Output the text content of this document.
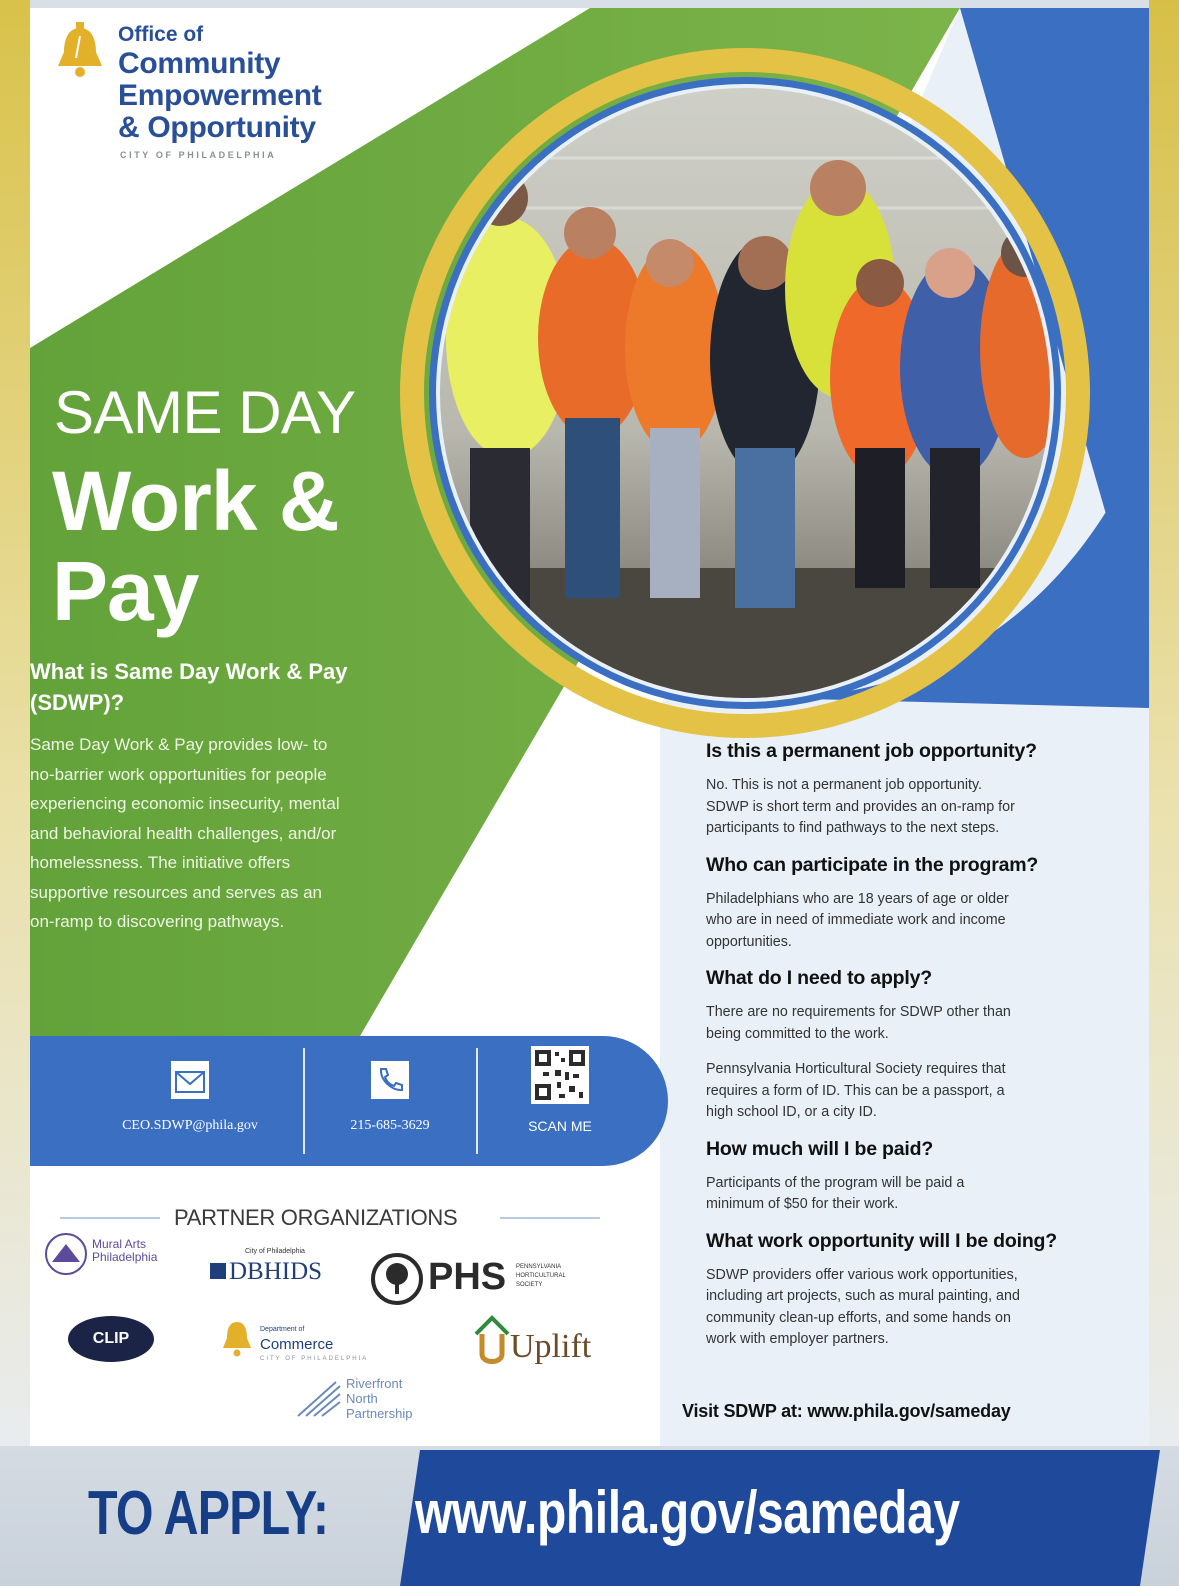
Office of
Community
Empowerment
& Opportunity
CITY OF PHILADELPHIA
SAME DAY
Work &
Pay
What is Same Day Work & Pay
(SDWP)?
Same Day Work & Pay provides low- to
no-barrier work opportunities for people
experiencing economic insecurity, mental
and behavioral health challenges, and/or
homelessness. The initiative offers
supportive resources and serves as an
on-ramp to discovering pathways.
CEO.SDWP@phila.gov	215-685-3629	SCAN ME
PARTNER ORGANIZATIONS
Mural Arts
Philadelphia	City of Philadelphia
DBHIDS	PHS PENNSYLVANIA
HORTICULTURAL
SOCIETY
CLIP
Department of
Commerce
CITY OF PHILADELPHIA	Uplift
Riverfront
North
Partnership
Is this a permanent job opportunity?
No. This is not a permanent job opportunity.
SDWP is short term and provides an on-ramp for
participants to find pathways to the next steps.
Who can participate in the program?
Philadelphians who are 18 years of age or older
who are in need of immediate work and income
opportunities.
What do I need to apply?
There are no requirements for SDWP other than
being committed to the work.
Pennsylvania Horticultural Society requires that
requires a form of ID. This can be a passport, a
high school ID, or a city ID.
How much will I be paid?
Participants of the program will be paid a
minimum of $50 for their work.
What work opportunity will I be doing?
SDWP providers offer various work opportunities,
including art projects, such as mural painting, and
community clean-up efforts, and some hands on
work with employer partners.
Visit SDWP at: www.phila.gov/sameday
TO APPLY: www.phila.gov/sameday
